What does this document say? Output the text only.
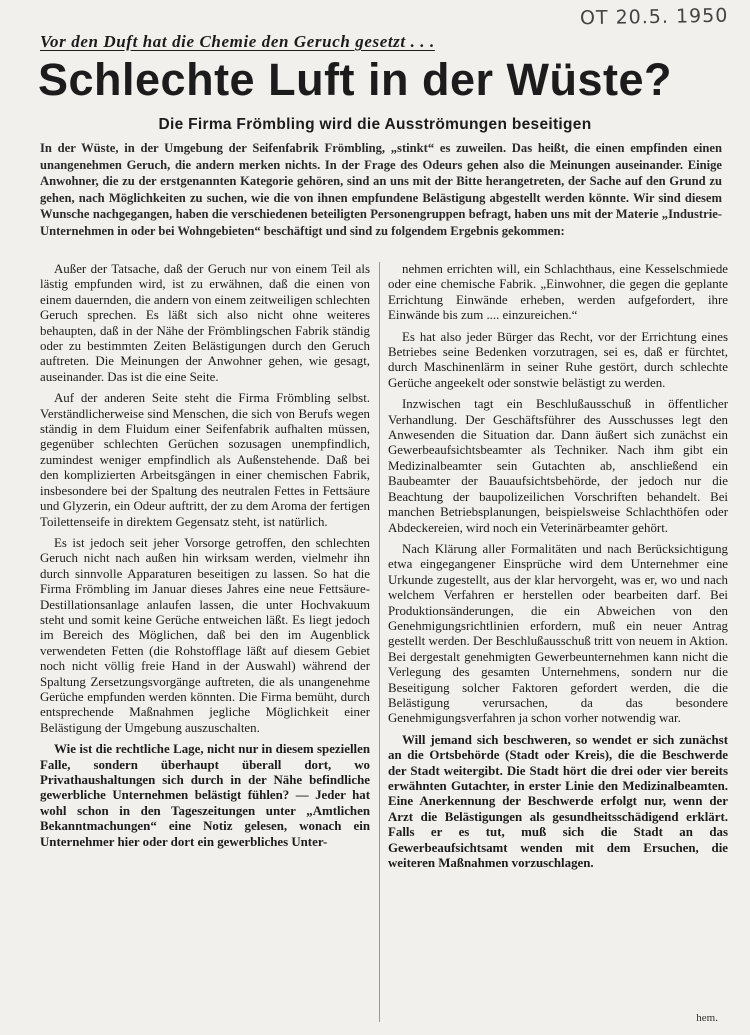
OT 20.5. 1950
Vor den Duft hat die Chemie den Geruch gesetzt . . .
Schlechte Luft in der Wüste?
Die Firma Frömbling wird die Ausströmungen beseitigen
In der Wüste, in der Umgebung der Seifenfabrik Frömbling, „stinkt“ es zuweilen. Das heißt, die einen empfinden einen unangenehmen Geruch, die andern merken nichts. In der Frage des Odeurs gehen also die Meinungen auseinander. Einige Anwohner, die zu der erstgenannten Kategorie gehören, sind an uns mit der Bitte herangetreten, der Sache auf den Grund zu gehen, nach Möglichkeiten zu suchen, wie die von ihnen empfundene Belästigung abgestellt werden könnte. Wir sind diesem Wunsche nachgegangen, haben die verschiedenen beteiligten Personengruppen befragt, haben uns mit der Materie „Industrie-Unternehmen in oder bei Wohngebieten“ beschäftigt und sind zu folgendem Ergebnis gekommen:

Außer der Tatsache, daß der Geruch nur von einem Teil als lästig empfunden wird, ist zu erwähnen, daß die einen von einem dauernden, die andern von einem zeitweiligen schlechten Geruch sprechen. Es läßt sich also nicht ohne weiteres behaupten, daß in der Nähe der Frömblingschen Fabrik ständig oder zu bestimmten Zeiten Belästigungen durch den Geruch auftreten. Die Meinungen der Anwohner gehen, wie gesagt, auseinander. Das ist die eine Seite.

Auf der anderen Seite steht die Firma Frömbling selbst. Verständlicherweise sind Menschen, die sich von Berufs wegen ständig in dem Fluidum einer Seifenfabrik aufhalten müssen, gegenüber schlechten Gerüchen sozusagen unempfindlich, zumindest weniger empfindlich als Außenstehende. Daß bei den komplizierten Arbeitsgängen in einer chemischen Fabrik, insbesondere bei der Spaltung des neutralen Fettes in Fettsäure und Glyzerin, ein Odeur auftritt, der zu dem Aroma der fertigen Toilettenseife in direktem Gegensatz steht, ist natürlich.

Es ist jedoch seit jeher Vorsorge getroffen, den schlechten Geruch nicht nach außen hin wirksam werden, vielmehr ihn durch sinnvolle Apparaturen beseitigen zu lassen. So hat die Firma Frömbling im Januar dieses Jahres eine neue Fettsäure-Destillationsanlage anlaufen lassen, die unter Hochvakuum steht und somit keine Gerüche entweichen läßt. Es liegt jedoch im Bereich des Möglichen, daß bei den im Augenblick verwendeten Fetten (die Rohstofflage läßt auf diesem Gebiet noch nicht völlig freie Hand in der Auswahl) während der Spaltung Zersetzungsvorgänge auftreten, die als unangenehme Gerüche empfunden werden könnten. Die Firma bemüht, durch entsprechende Maßnahmen jegliche Möglichkeit einer Belästigung der Umgebung auszuschalten.

Wie ist die rechtliche Lage, nicht nur in diesem speziellen Falle, sondern überhaupt überall dort, wo Privathaushaltungen sich durch in der Nähe befindliche gewerbliche Unternehmen belästigt fühlen? — Jeder hat wohl schon in den Tageszeitungen unter „Amtlichen Bekanntmachungen“ eine Notiz gelesen, wonach ein Unternehmer hier oder dort ein gewerbliches Unter-

nehmen errichten will, ein Schlachthaus, eine Kesselschmiede oder eine chemische Fabrik. „Einwohner, die gegen die geplante Errichtung Einwände erheben, werden aufgefordert, ihre Einwände bis zum .... einzureichen.“

Es hat also jeder Bürger das Recht, vor der Errichtung eines Betriebes seine Bedenken vorzutragen, sei es, daß er fürchtet, durch Maschinenlärm in seiner Ruhe gestört, durch schlechte Gerüche angeekelt oder sonstwie belästigt zu werden.

Inzwischen tagt ein Beschlußausschuß in öffentlicher Verhandlung. Der Geschäftsführer des Ausschusses legt den Anwesenden die Situation dar. Dann äußert sich zunächst ein Gewerbeaufsichtsbeamter als Techniker. Nach ihm gibt ein Medizinalbeamter sein Gutachten ab, anschließend ein Baubeamter der Bauaufsichtsbehörde, der jedoch nur die Beachtung der baupolizeilichen Vorschriften behandelt. Bei manchen Betriebsplanungen, beispielsweise Schlachthöfen oder Abdeckereien, wird noch ein Veterinärbeamter gehört.

Nach Klärung aller Formalitäten und nach Berücksichtigung etwa eingegangener Einsprüche wird dem Unternehmer eine Urkunde zugestellt, aus der klar hervorgeht, was er, wo und nach welchem Verfahren er herstellen oder bearbeiten darf. Bei Produktionsänderungen, die ein Abweichen von den Genehmigungsrichtlinien erfordern, muß ein neuer Antrag gestellt werden. Der Beschlußausschuß tritt von neuem in Aktion. Bei dergestalt genehmigten Gewerbeunternehmen kann nicht die Verlegung des gesamten Unternehmens, sondern nur die Beseitigung solcher Faktoren gefordert werden, die die Belästigung verursachen, da das besondere Genehmigungsverfahren ja schon vorher notwendig war.

Will jemand sich beschweren, so wendet er sich zunächst an die Ortsbehörde (Stadt oder Kreis), die die Beschwerde der Stadt weitergibt. Die Stadt hört die drei oder vier bereits erwähnten Gutachter, in erster Linie den Medizinalbeamten. Eine Anerkennung der Beschwerde erfolgt nur, wenn der Arzt die Belästigungen als gesundheitsschädigend erklärt. Falls er es tut, muß sich die Stadt an das Gewerbeaufsichtsamt wenden mit dem Ersuchen, die weiteren Maßnahmen vorzuschlagen.

hem.
